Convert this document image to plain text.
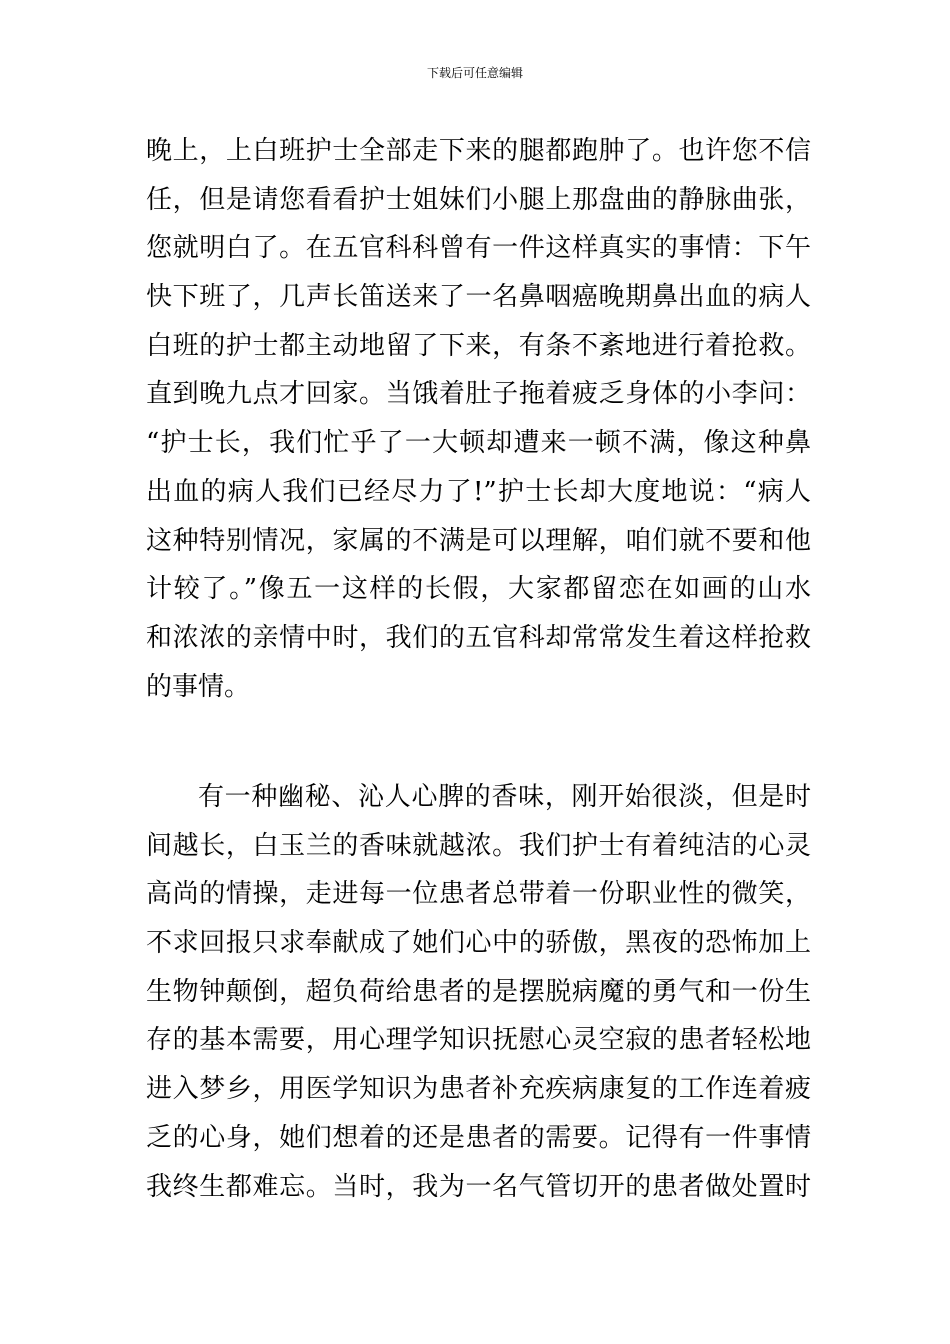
下载后可任意编辑
晚上，上白班护士全部走下来的腿都跑肿了。也许您不信
任，但是请您看看护士姐妹们小腿上那盘曲的静脉曲张，
您就明白了。在五官科科曾有一件这样真实的事情：下午
快下班了，几声长笛送来了一名鼻咽癌晚期鼻出血的病人
白班的护士都主动地留了下来，有条不紊地进行着抢救。
直到晚九点才回家。当饿着肚子拖着疲乏身体的小李问：
“护士长，我们忙乎了一大顿却遭来一顿不满，像这种鼻
出血的病人我们已经尽力了!”护士长却大度地说：“病人
这种特别情况，家属的不满是可以理解，咱们就不要和他
计较了。”像五一这样的长假，大家都留恋在如画的山水
和浓浓的亲情中时，我们的五官科却常常发生着这样抢救
的事情。
有一种幽秘、沁人心脾的香味，刚开始很淡，但是时
间越长，白玉兰的香味就越浓。我们护士有着纯洁的心灵
高尚的情操，走进每一位患者总带着一份职业性的微笑，
不求回报只求奉献成了她们心中的骄傲，黑夜的恐怖加上
生物钟颠倒，超负荷给患者的是摆脱病魔的勇气和一份生
存的基本需要，用心理学知识抚慰心灵空寂的患者轻松地
进入梦乡，用医学知识为患者补充疾病康复的工作连着疲
乏的心身，她们想着的还是患者的需要。记得有一件事情
我终生都难忘。当时，我为一名气管切开的患者做处置时
